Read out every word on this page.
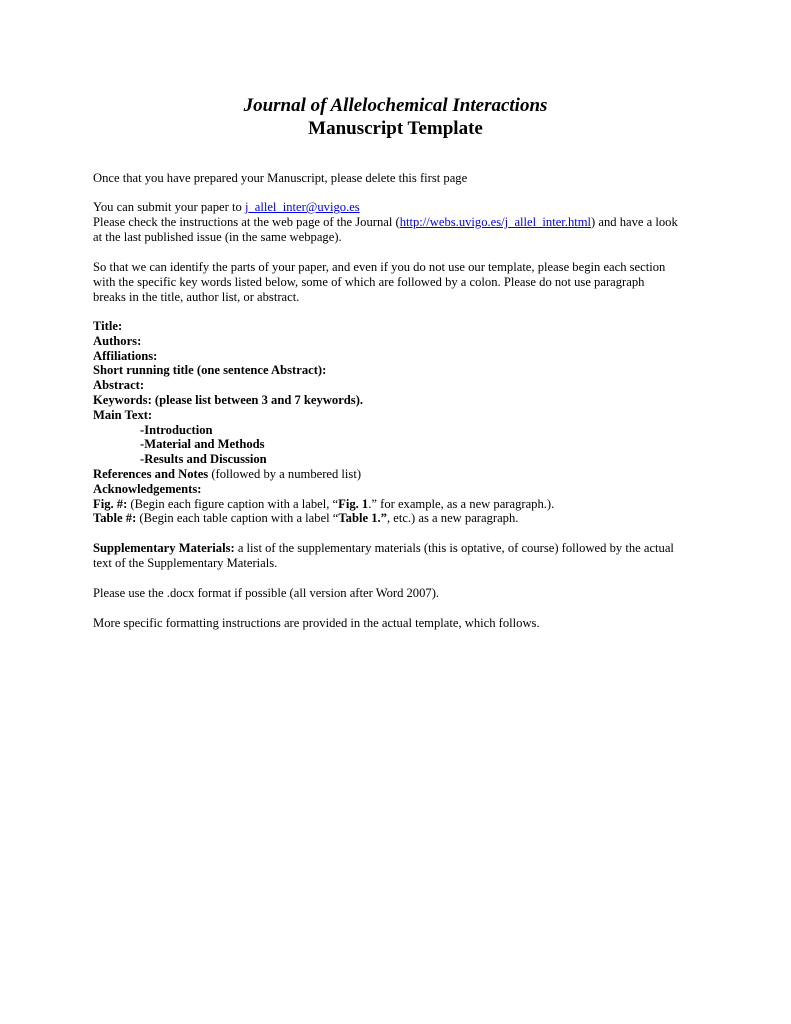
Journal of Allelochemical Interactions

Manuscript Template

Once that you have prepared your Manuscript, please delete this first page
You can submit your paper to j_allel_inter@uvigo.es
Please check the instructions at the web page of the Journal (http://webs.uvigo.es/j_allel_inter.html) and have a look
at the last published issue (in the same webpage).
So that we can identify the parts of your paper, and even if you do not use our template, please begin each section
with the specific key words listed below, some of which are followed by a colon. Please do not use paragraph
breaks in the title, author list, or abstract.
Title:
Authors:
Affiliations:
Short running title (one sentence Abstract):
Abstract:
Keywords: (please list between 3 and 7 keywords).
Main Text:
-Introduction
-Material and Methods
-Results and Discussion
References and Notes (followed by a numbered list)
Acknowledgements:
Fig. #: (Begin each figure caption with a label, “Fig. 1.” for example, as a new paragraph.).
Table #: (Begin each table caption with a label “Table 1.”, etc.) as a new paragraph.
Supplementary Materials: a list of the supplementary materials (this is optative, of course) followed by the actual
text of the Supplementary Materials.
Please use the .docx format if possible (all version after Word 2007).
More specific formatting instructions are provided in the actual template, which follows.
